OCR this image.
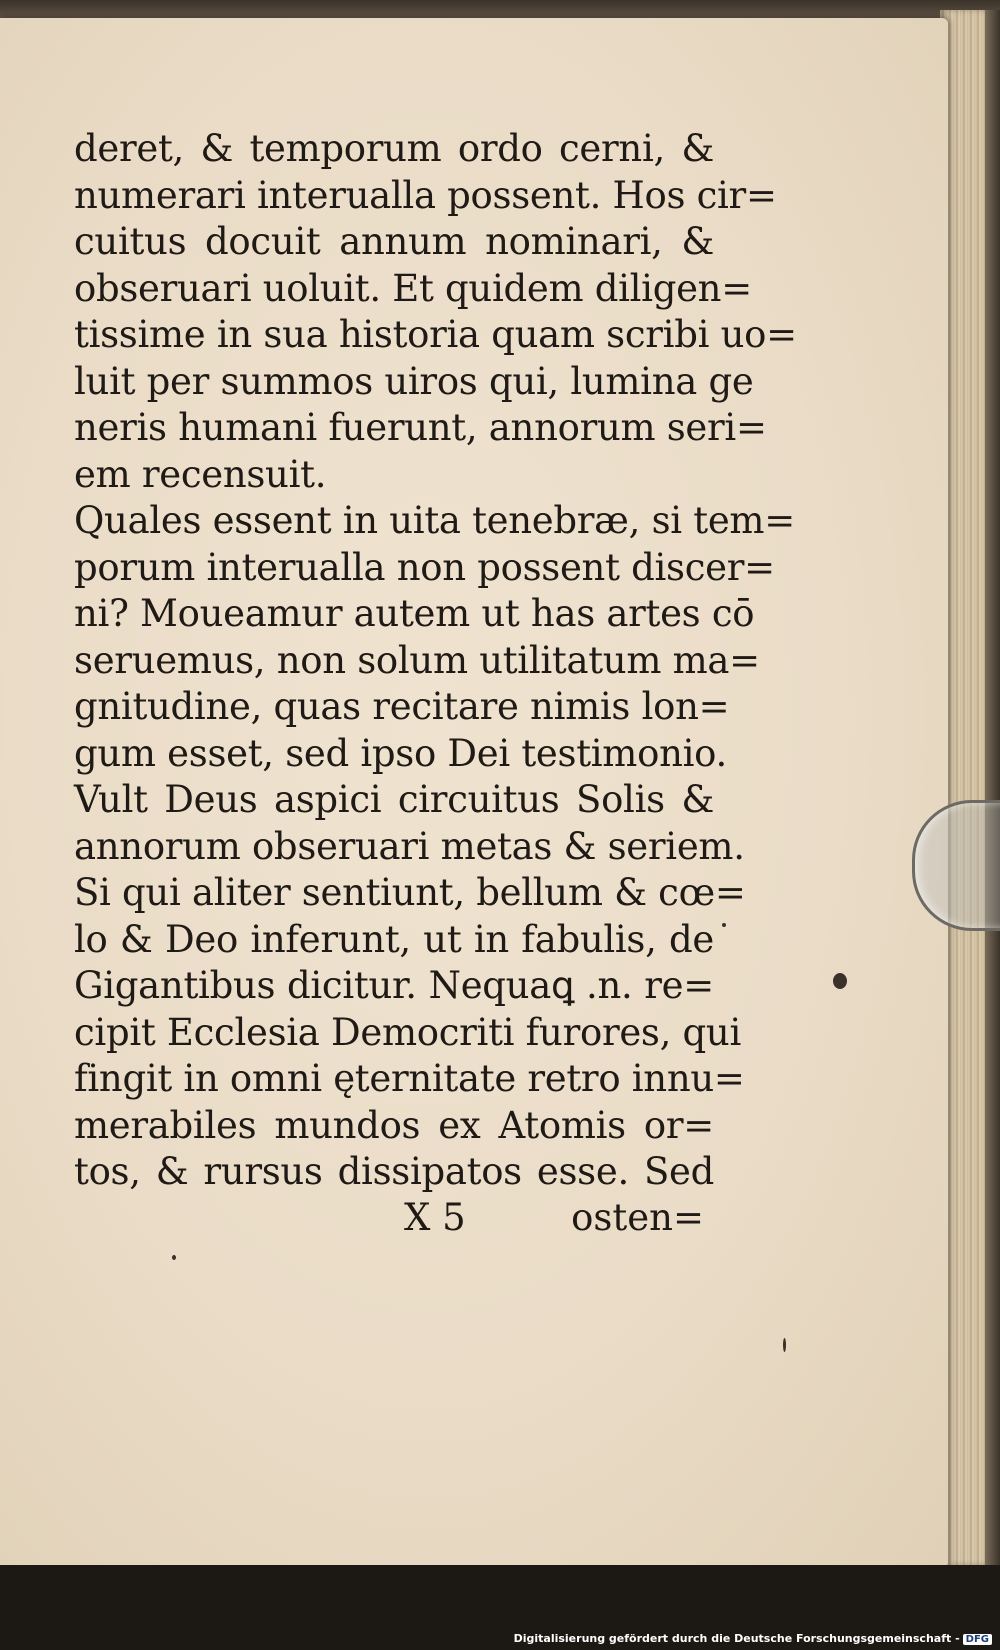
deret, & temporum ordo cerni, &
numerari interualla possent. Hos cir=
cuitus docuit annum nominari, &
obseruari uoluit. Et quidem diligen=
tissime in sua historia quam scribi uo=
luit per summos uiros qui, lumina ge
neris humani fuerunt, annorum seri=
em recensuit.
Quales essent in uita tenebræ, si tem=
porum interualla non possent discer=
ni? Moueamur autem ut has artes cō
seruemus, non solum utilitatum ma=
gnitudine, quas recitare nimis lon=
gum esset, sed ipso Dei testimonio.
Vult Deus aspici circuitus Solis &
annorum obseruari metas & seriem.
Si qui aliter sentiunt, bellum & cœ=
lo & Deo inferunt, ut in fabulis, de
Gigantibus dicitur. Nequaꝗ .n. re=
cipit Ecclesia Democriti furores, qui
fingit in omni ęternitate retro innu=
merabiles mundos ex Atomis or=
tos, & rursus dissipatos esse. Sed
X 5	osten=
Digitalisierung gefördert durch die Deutsche Forschungsgemeinschaft - DFG
